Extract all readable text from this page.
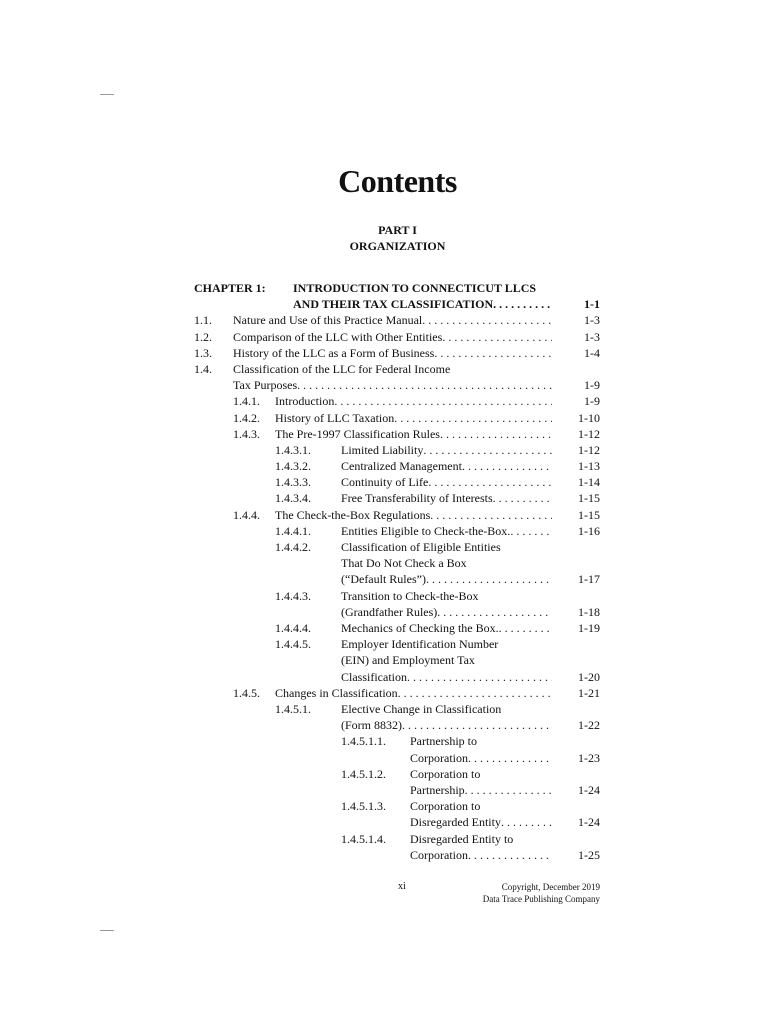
Contents
PART I
ORGANIZATION
CHAPTER 1: INTRODUCTION TO CONNECTICUT LLCS
AND THEIR TAX CLASSIFICATION . . .	1-1
1.1. Nature and Use of this Practice Manual . . .	1-3
1.2. Comparison of the LLC with Other Entities . . .	1-3
1.3. History of the LLC as a Form of Business . . .	1-4
1.4. Classification of the LLC for Federal Income
Tax Purposes . . .	1-9
1.4.1. Introduction . . .	1-9
1.4.2. History of LLC Taxation . . .	1-10
1.4.3. The Pre-1997 Classification Rules . . .	1-12
1.4.3.1.	Limited Liability . . .	1-12
1.4.3.2.	Centralized Management . . .	1-13
1.4.3.3.	Continuity of Life . . .	1-14
1.4.3.4.	Free Transferability of Interests . . .	1-15
1.4.4. The Check-the-Box Regulations . . .	1-15
1.4.4.1.	Entities Eligible to Check-the-Box. . . .	1-16
1.4.4.2.	Classification of Eligible Entities
That Do Not Check a Box
(“Default Rules”) . . .	1-17
1.4.4.3.	Transition to Check-the-Box
(Grandfather Rules) . . .	1-18
1.4.4.4.	Mechanics of Checking the Box. . . .	1-19
1.4.4.5.	Employer Identification Number
(EIN) and Employment Tax
Classification . . .	1-20
1.4.5. Changes in Classification . . .	1-21
1.4.5.1.	Elective Change in Classification
(Form 8832) . . .	1-22
1.4.5.1.1. Partnership to
Corporation . . .	1-23
1.4.5.1.2. Corporation to
Partnership . . .	1-24
1.4.5.1.3. Corporation to
Disregarded Entity . . .	1-24
1.4.5.1.4. Disregarded Entity to
Corporation . . .	1-25
xi	Copyright, December 2019
Data Trace Publishing Company
